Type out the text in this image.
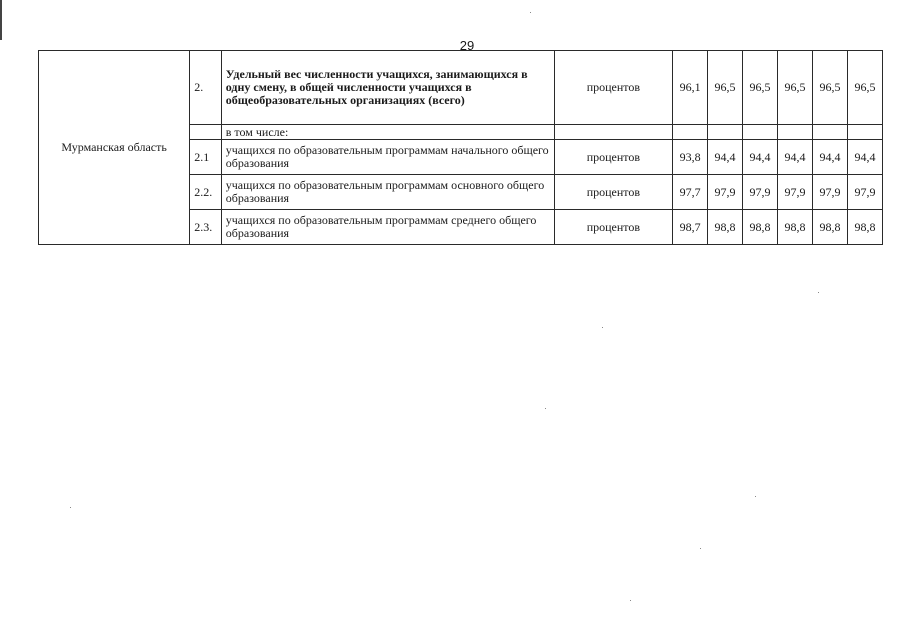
29
Мурманская область	2.	Удельный вес численности учащихся, занимающихся в одну смену, в общей численности учащихся в общеобразовательных организациях (всего)	процентов	96,1	96,5	96,5	96,5	96,5	96,5
		в том числе:							
	2.1	учащихся по образовательным программам начального общего образования	процентов	93,8	94,4	94,4	94,4	94,4	94,4
	2.2.	учащихся по образовательным программам основного общего образования	процентов	97,7	97,9	97,9	97,9	97,9	97,9
	2.3.	учащихся по образовательным программам среднего общего образования	процентов	98,7	98,8	98,8	98,8	98,8	98,8
